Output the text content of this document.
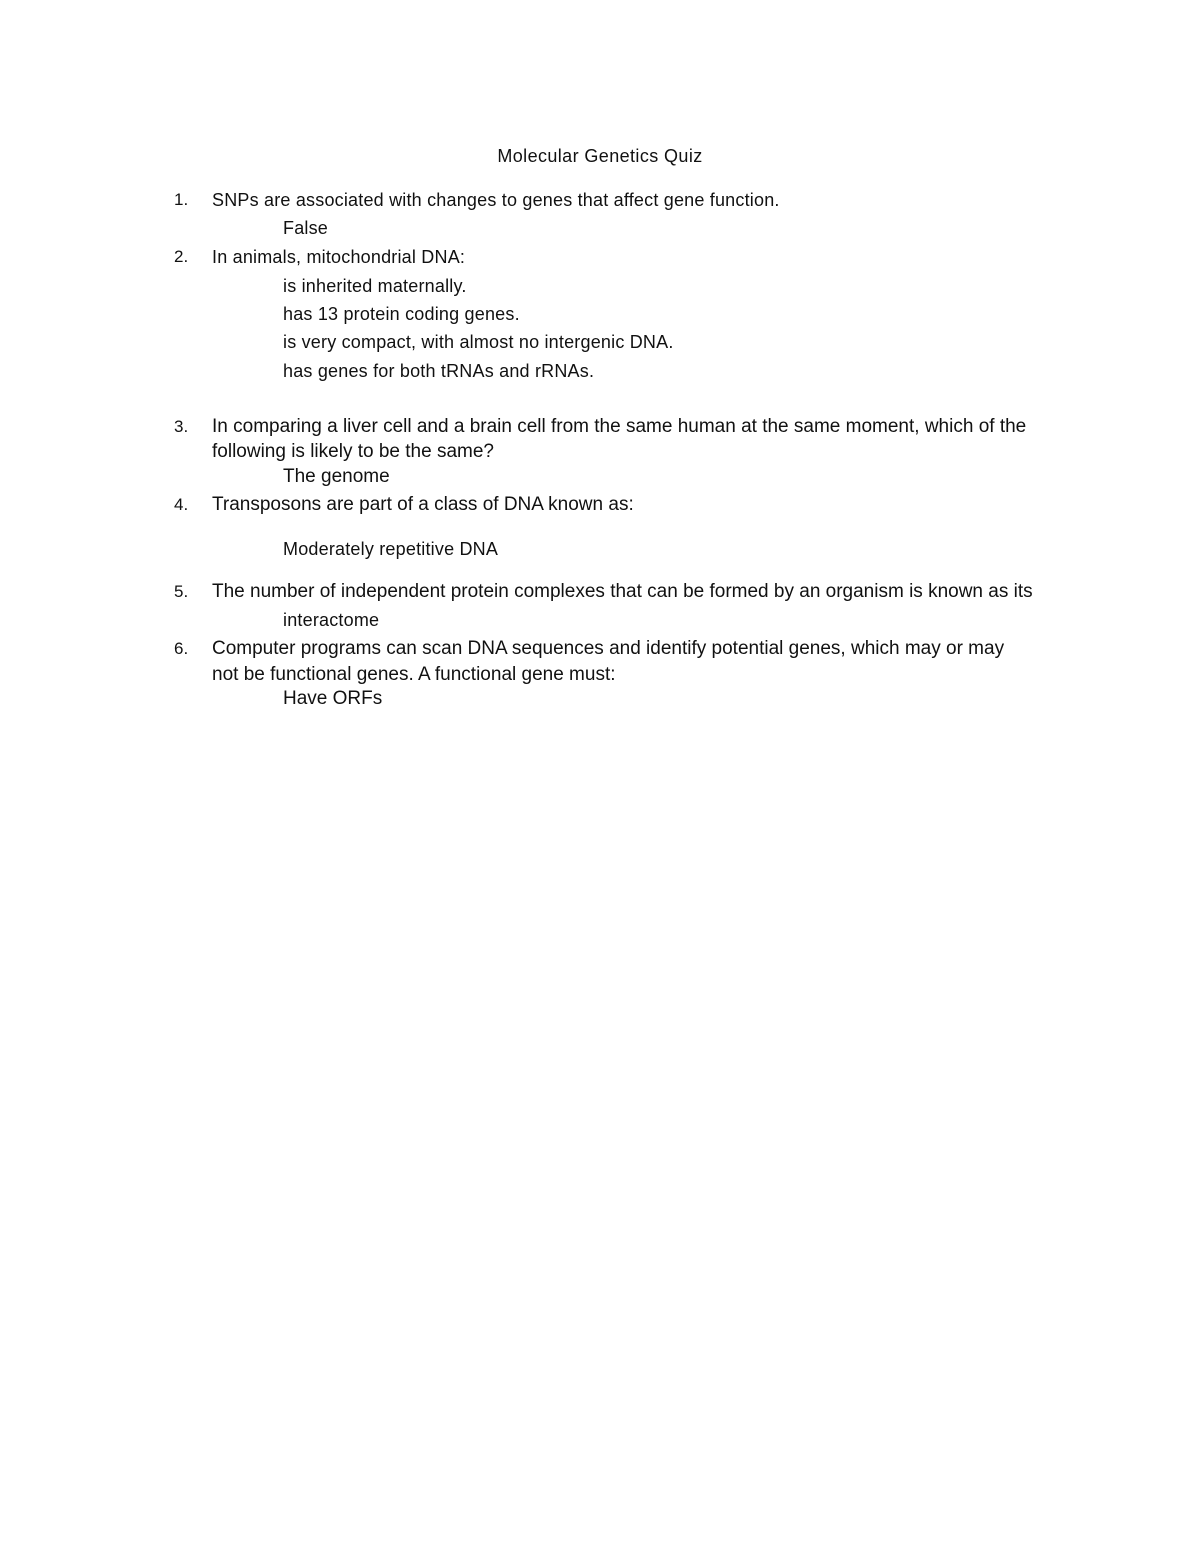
Molecular Genetics Quiz
1. SNPs are associated with changes to genes that affect gene function.
False
2. In animals, mitochondrial DNA:
is inherited maternally.
has 13 protein coding genes.
is very compact, with almost no intergenic DNA.
has genes for both tRNAs and rRNAs.
3. In comparing a liver cell and a brain cell from the same human at the same moment, which of the
following is likely to be the same?
The genome
4. Transposons are part of a class of DNA known as:
Moderately repetitive DNA
5. The number of independent protein complexes that can be formed by an organism is known as its
interactome
6. Computer programs can scan DNA sequences and identify potential genes, which may or may
not be functional genes. A functional gene must:
Have ORFs
